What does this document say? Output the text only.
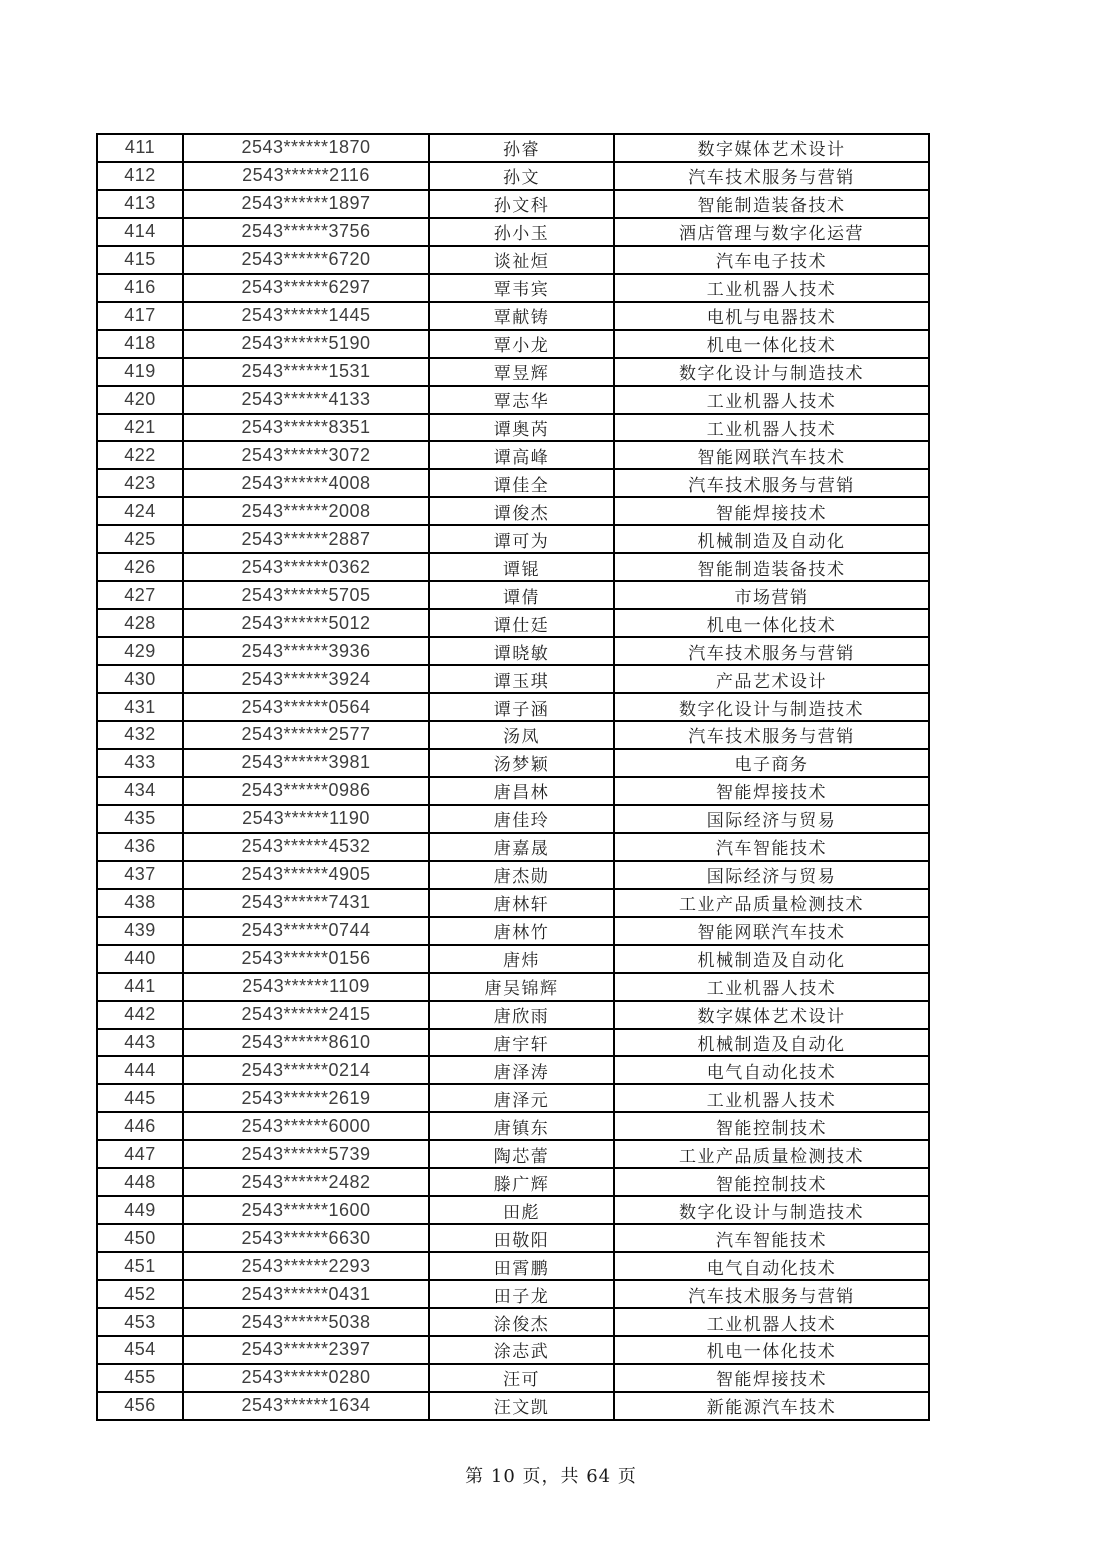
411	2543******1870	孙睿	数字媒体艺术设计
412	2543******2116	孙文	汽车技术服务与营销
413	2543******1897	孙文科	智能制造装备技术
414	2543******3756	孙小玉	酒店管理与数字化运营
415	2543******6720	谈祉烜	汽车电子技术
416	2543******6297	覃韦宾	工业机器人技术
417	2543******1445	覃献铸	电机与电器技术
418	2543******5190	覃小龙	机电一体化技术
419	2543******1531	覃昱辉	数字化设计与制造技术
420	2543******4133	覃志华	工业机器人技术
421	2543******8351	谭奥芮	工业机器人技术
422	2543******3072	谭高峰	智能网联汽车技术
423	2543******4008	谭佳全	汽车技术服务与营销
424	2543******2008	谭俊杰	智能焊接技术
425	2543******2887	谭可为	机械制造及自动化
426	2543******0362	谭锟	智能制造装备技术
427	2543******5705	谭倩	市场营销
428	2543******5012	谭仕廷	机电一体化技术
429	2543******3936	谭晓敏	汽车技术服务与营销
430	2543******3924	谭玉琪	产品艺术设计
431	2543******0564	谭子涵	数字化设计与制造技术
432	2543******2577	汤凤	汽车技术服务与营销
433	2543******3981	汤梦颖	电子商务
434	2543******0986	唐昌林	智能焊接技术
435	2543******1190	唐佳玲	国际经济与贸易
436	2543******4532	唐嘉晟	汽车智能技术
437	2543******4905	唐杰勋	国际经济与贸易
438	2543******7431	唐林轩	工业产品质量检测技术
439	2543******0744	唐林竹	智能网联汽车技术
440	2543******0156	唐炜	机械制造及自动化
441	2543******1109	唐吴锦辉	工业机器人技术
442	2543******2415	唐欣雨	数字媒体艺术设计
443	2543******8610	唐宇轩	机械制造及自动化
444	2543******0214	唐泽涛	电气自动化技术
445	2543******2619	唐泽元	工业机器人技术
446	2543******6000	唐镇东	智能控制技术
447	2543******5739	陶芯蕾	工业产品质量检测技术
448	2543******2482	滕广辉	智能控制技术
449	2543******1600	田彪	数字化设计与制造技术
450	2543******6630	田敬阳	汽车智能技术
451	2543******2293	田霄鹏	电气自动化技术
452	2543******0431	田子龙	汽车技术服务与营销
453	2543******5038	涂俊杰	工业机器人技术
454	2543******2397	涂志武	机电一体化技术
455	2543******0280	汪可	智能焊接技术
456	2543******1634	汪文凯	新能源汽车技术
第 10 页，共 64 页
